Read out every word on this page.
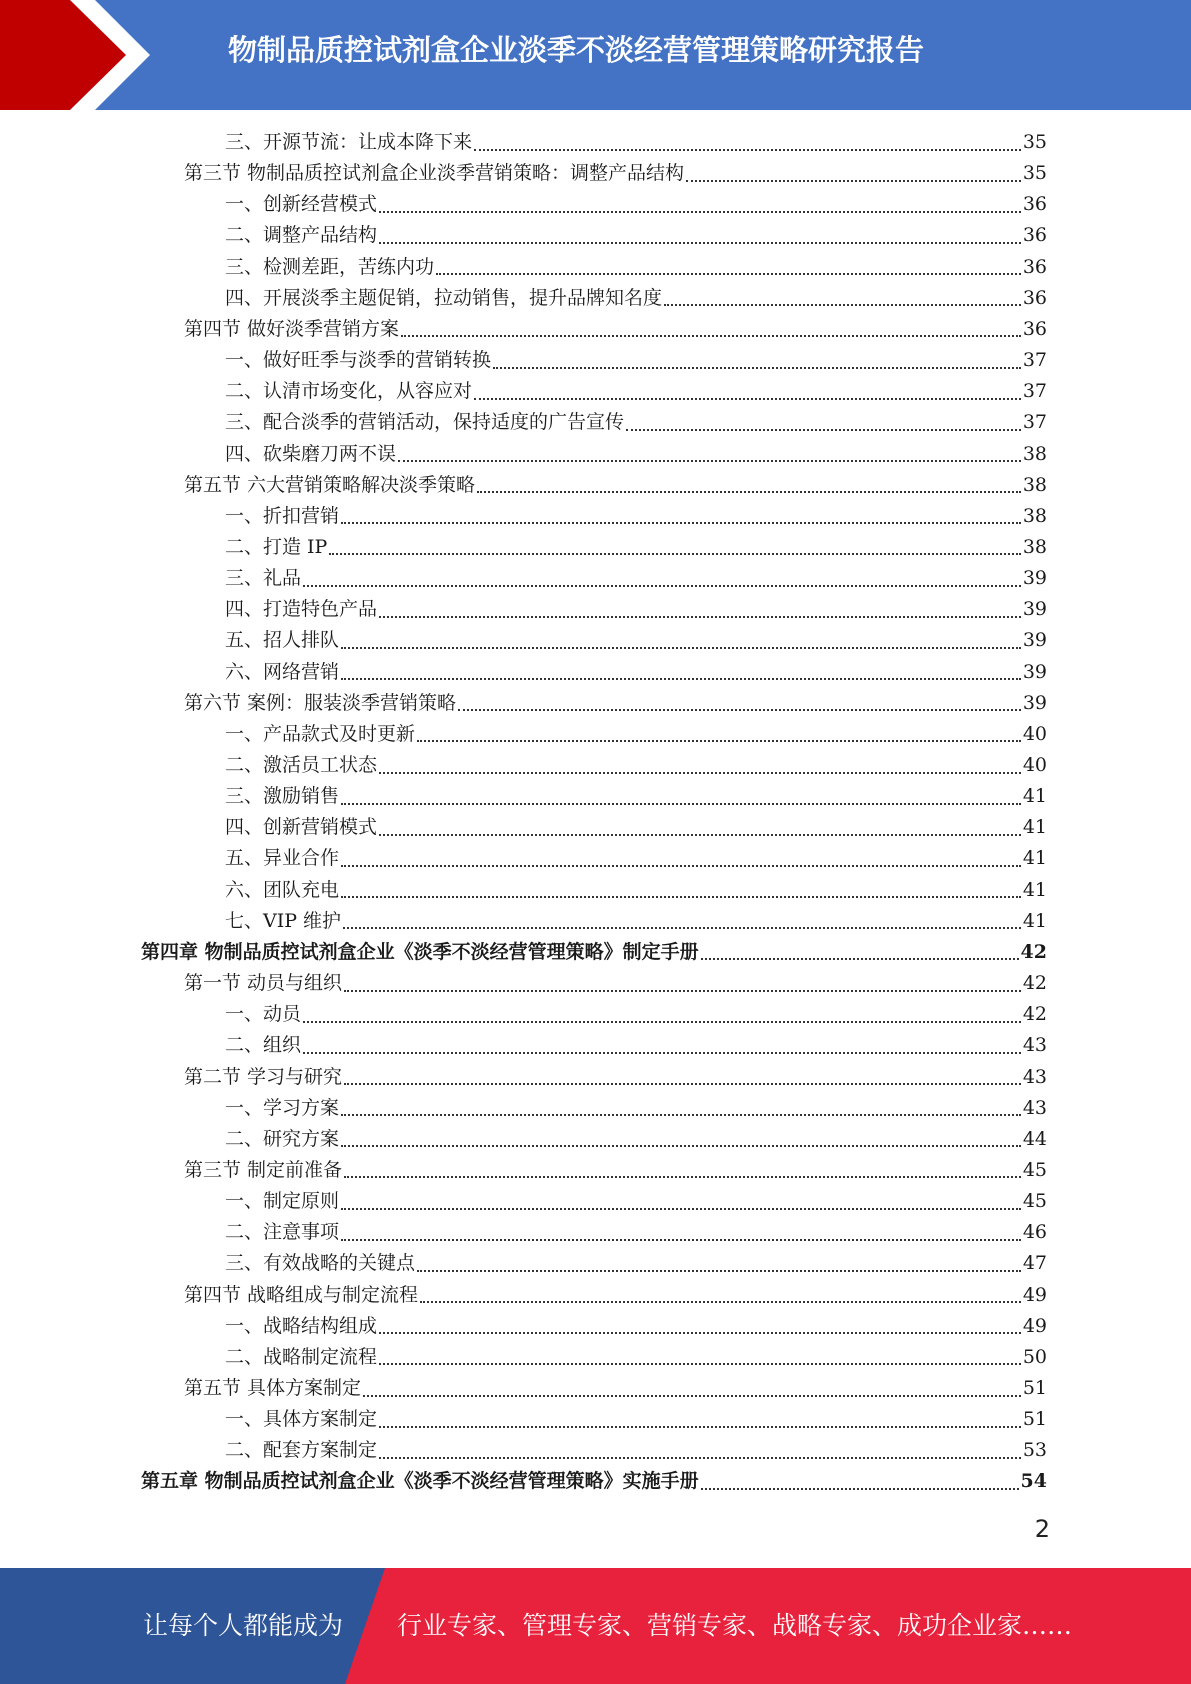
物制品质控试剂盒企业淡季不淡经营管理策略研究报告
三、开源节流：让成本降下来	35
第三节 物制品质控试剂盒企业淡季营销策略：调整产品结构	35
一、创新经营模式	36
二、调整产品结构	36
三、检测差距，苦练内功	36
四、开展淡季主题促销，拉动销售，提升品牌知名度	36
第四节 做好淡季营销方案	36
一、做好旺季与淡季的营销转换	37
二、认清市场变化，从容应对	37
三、配合淡季的营销活动，保持适度的广告宣传	37
四、砍柴磨刀两不误	38
第五节 六大营销策略解决淡季策略	38
一、折扣营销	38
二、打造 IP	38
三、礼品	39
四、打造特色产品	39
五、招人排队	39
六、网络营销	39
第六节 案例：服装淡季营销策略	39
一、产品款式及时更新	40
二、激活员工状态	40
三、激励销售	41
四、创新营销模式	41
五、异业合作	41
六、团队充电	41
七、VIP 维护	41
第四章 物制品质控试剂盒企业《淡季不淡经营管理策略》制定手册	42
第一节 动员与组织	42
一、动员	42
二、组织	43
第二节 学习与研究	43
一、学习方案	43
二、研究方案	44
第三节 制定前准备	45
一、制定原则	45
二、注意事项	46
三、有效战略的关键点	47
第四节 战略组成与制定流程	49
一、战略结构组成	49
二、战略制定流程	50
第五节 具体方案制定	51
一、具体方案制定	51
二、配套方案制定	53
第五章 物制品质控试剂盒企业《淡季不淡经营管理策略》实施手册	54
2
让每个人都能成为 行业专家、管理专家、营销专家、战略专家、成功企业家……
